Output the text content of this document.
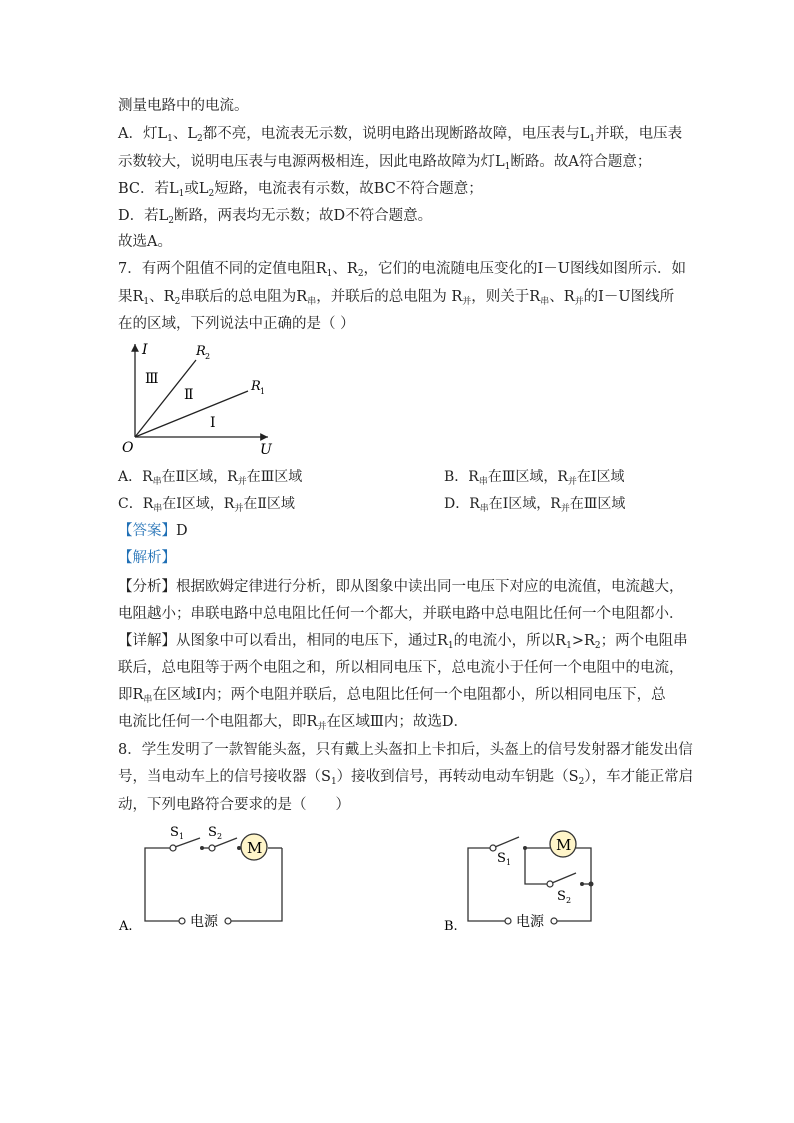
测量电路中的电流。
A．灯$L_1$、$L_2$都不亮，电流表无示数，说明电路出现断路故障，电压表与$L_1$并联，电压表
示数较大，说明电压表与电源两极相连，因此电路故障为灯$L_1$断路。故A符合题意；
BC．若$L_1$或$L_2$短路，电流表有示数，故BC不符合题意；
D．若$L_2$断路，两表均无示数；故D不符合题意。
故选A。
7．有两个阻值不同的定值电阻$R_1$、$R_2$，它们的电流随电压变化的I－U图线如图所示．如
果$R_1$、$R_2$串联后的总电阻为$R_串$，并联后的总电阻为 $R_并$，则关于$R_串$、$R_并$的I－U图线所
在的区域，下列说法中正确的是（ ）
I
U
O
R 2
R 1
Ⅲ
Ⅱ
Ⅰ
A．$R_串$在Ⅱ区域，$R_并$在Ⅲ区域	B．$R_串$在Ⅲ区域，$R_并$在Ⅰ区域
C．$R_串$在Ⅰ区域，$R_并$在Ⅱ区域	D．$R_串$在Ⅰ区域，$R_并$在Ⅲ区域
【答案】D
【解析】
【分析】根据欧姆定律进行分析，即从图象中读出同一电压下对应的电流值，电流越大，
电阻越小；串联电路中总电阻比任何一个都大，并联电路中总电阻比任何一个电阻都小．
【详解】从图象中可以看出，相同的电压下，通过$R_1$的电流小，所以$R_1>R_2$；两个电阻串
联后，总电阻等于两个电阻之和，所以相同电压下，总电流小于任何一个电阻中的电流，
即$R_串$在区域Ⅰ内；两个电阻并联后，总电阻比任何一个电阻都小，所以相同电压下，总
电流比任何一个电阻都大，即$R_并$在区域Ⅲ内；故选D．
8．学生发明了一款智能头盔，只有戴上头盔扣上卡扣后，头盔上的信号发射器才能发出信
号，当电动车上的信号接收器$(S_1)$接收到信号，再转动电动车钥匙$(S_2)$，车才能正常启
动，下列电路符合要求的是（　　）
M
S 1 S 2
电源
A.
M
S 1
S 2
电源
B.
